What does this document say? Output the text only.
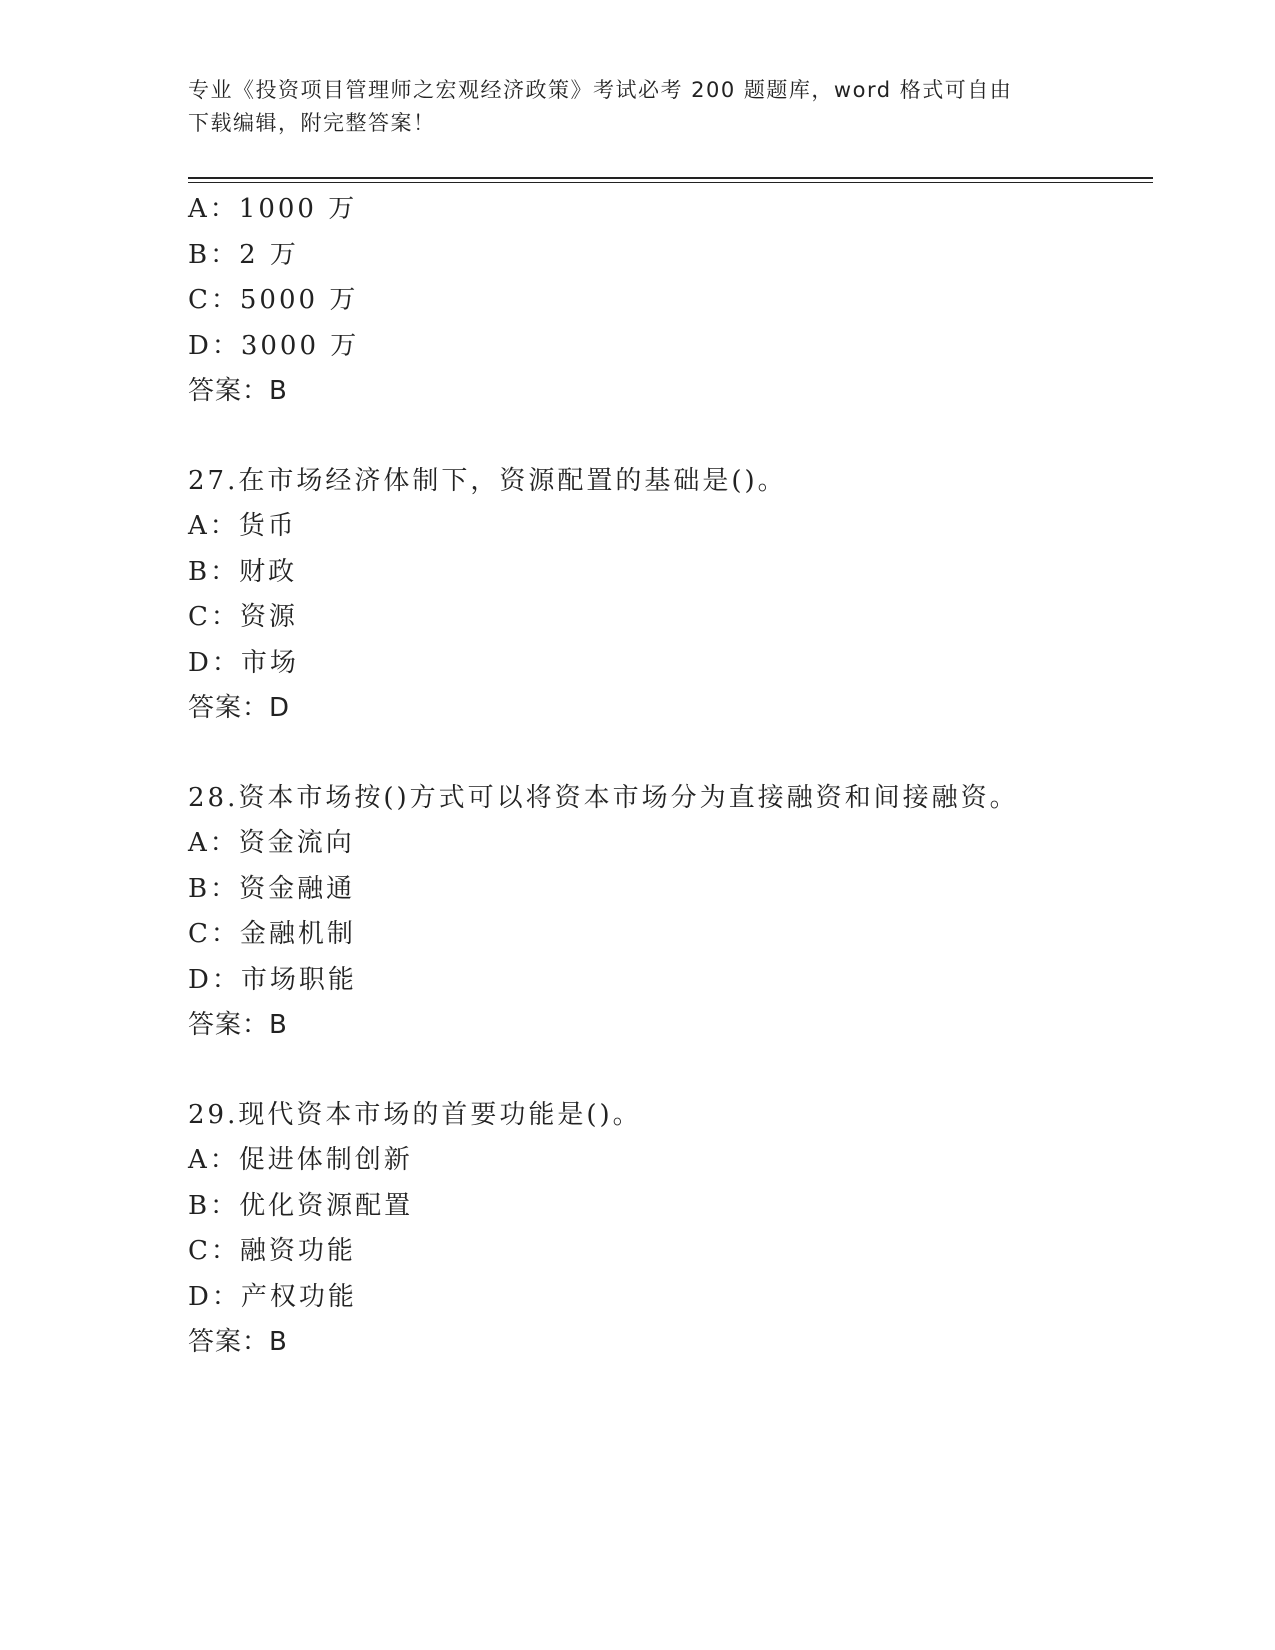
专业《投资项目管理师之宏观经济政策》考试必考 200 题题库，word 格式可自由
下载编辑，附完整答案！
A：1000 万
B：2 万
C：5000 万
D：3000 万
答案：B
27.在市场经济体制下，资源配置的基础是()。
A：货币
B：财政
C：资源
D：市场
答案：D
28.资本市场按()方式可以将资本市场分为直接融资和间接融资。
A：资金流向
B：资金融通
C：金融机制
D：市场职能
答案：B
29.现代资本市场的首要功能是()。
A：促进体制创新
B：优化资源配置
C：融资功能
D：产权功能
答案：B
